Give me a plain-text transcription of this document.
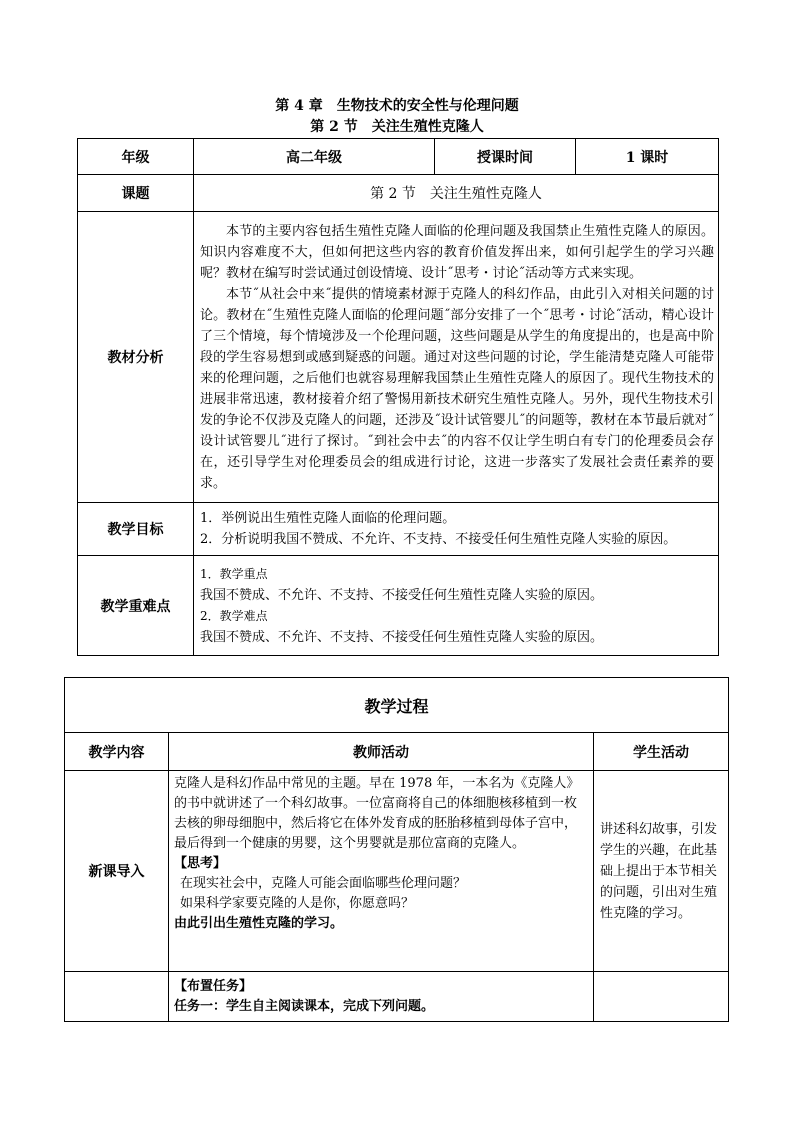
第 4 章　生物技术的安全性与伦理问题
第 2 节　关注生殖性克隆人
年级	高二年级	授课时间	1 课时
课题	第 2 节　关注生殖性克隆人		
教材分析	本节的主要内容包括生殖性克隆人面临的伦理问题及我国禁止生殖性克隆人的原因。知识内容难度不大，但如何把这些内容的教育价值发挥出来，如何引起学生的学习兴趣呢？教材在编写时尝试通过创设情境、设计˝思考・讨论˝活动等方式来实现。
本节˝从社会中来˝提供的情境素材源于克隆人的科幻作品，由此引入对相关问题的讨论。教材在˝生殖性克隆人面临的伦理问题˝部分安排了一个˝思考・讨论˝活动，精心设计了三个情境，每个情境涉及一个伦理问题，这些问题是从学生的角度提出的，也是高中阶段的学生容易想到或感到疑惑的问题。通过对这些问题的讨论，学生能清楚克隆人可能带来的伦理问题，之后他们也就容易理解我国禁止生殖性克隆人的原因了。现代生物技术的进展非常迅速，教材接着介绍了警惕用新技术研究生殖性克隆人。另外，现代生物技术引发的争论不仅涉及克隆人的问题，还涉及˝设计试管婴儿˝的问题等，教材在本节最后就对˝设计试管婴儿˝进行了探讨。˝到社会中去˝的内容不仅让学生明白有专门的伦理委员会存在，还引导学生对伦理委员会的组成进行讨论，这进一步落实了发展社会责任素养的要求。		

教学目标	1．举例说出生殖性克隆人面临的伦理问题。
2．分析说明我国不赞成、不允许、不支持、不接受任何生殖性克隆人实验的原因。		

教学重难点	1．教学重点
我国不赞成、不允许、不支持、不接受任何生殖性克隆人实验的原因。
2．教学难点
我国不赞成、不允许、不支持、不接受任何生殖性克隆人实验的原因。		
教学过程		
教学内容	教师活动	学生活动
新课导入	克隆人是科幻作品中常见的主题。早在 1978 年，一本名为《克隆人》的书中就讲述了一个科幻故事。一位富商将自己的体细胞核移植到一枚去核的卵母细胞中，然后将它在体外发育成的胚胎移植到母体子宫中，最后得到一个健康的男婴，这个男婴就是那位富商的克隆人。
【思考】
在现实社会中，克隆人可能会面临哪些伦理问题？
如果科学家要克隆的人是你，你愿意吗？
由此引出生殖性克隆的学习。	讲述科幻故事，引发学生的兴趣，在此基础上提出于本节相关的问题，引出对生殖性克隆的学习。

	【布置任务】
任务一：学生自主阅读课本，完成下列问题。	
